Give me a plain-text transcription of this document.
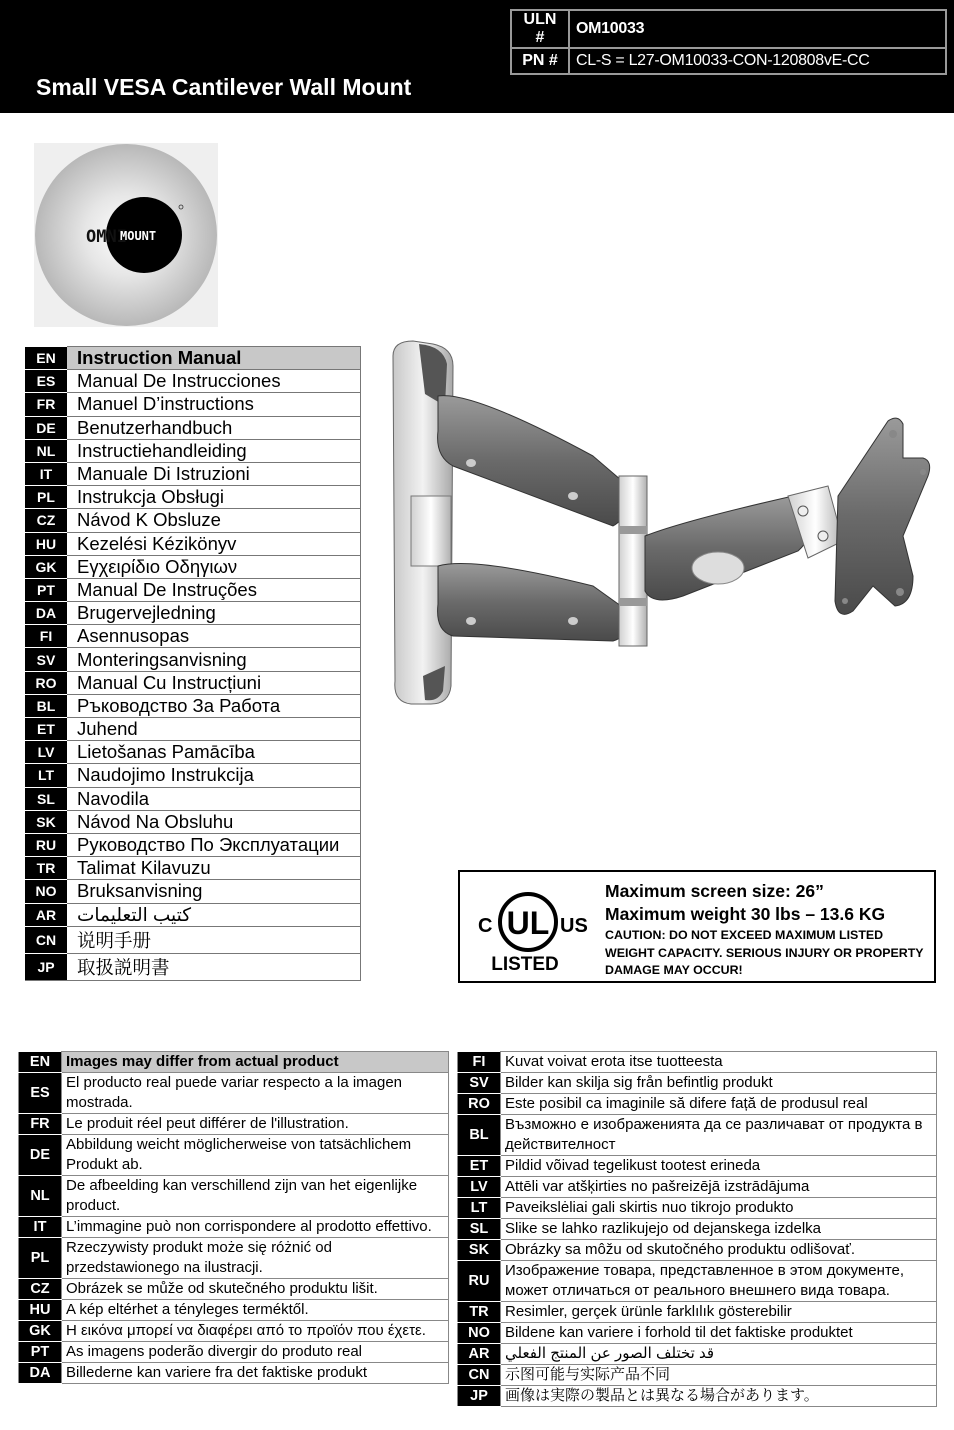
ULN #	OM10033
PN #	CL-S = L27-OM10033-CON-120808vE-CC
Small VESA Cantilever Wall Mount
OMNI
MOUNT
EN	Instruction Manual
ES	Manual De Instrucciones
FR	Manuel D’instructions
DE	Benutzerhandbuch
NL	Instructiehandleiding
IT	Manuale Di Istruzioni
PL	Instrukcja Obsługi
CZ	Návod K Obsluze
HU	Kezelési Kézikönyv
GK	Εγχειρίδιο Οδηγιων
PT	Manual De Instruções
DA	Brugervejledning
FI	Asennusopas
SV	Monteringsanvisning
RO	Manual Cu Instrucțiuni
BL	Ръководство За Работа
ET	Juhend
LV	Lietošanas Pamācība
LT	Naudojimo Instrukcija
SL	Navodila
SK	Návod Na Obsluhu
RU	Руководство По Эксплуатации
TR	Talimat Kilavuzu
NO	Bruksanvisning
AR	كتيب التعليمات
CN	说明手册
JP	取扱説明書
UL
C	US
LISTED
Maximum screen size: 26”
Maximum weight 30 lbs – 13.6 KG
CAUTION: DO NOT EXCEED MAXIMUM LISTED WEIGHT CAPACITY. SERIOUS INJURY OR PROPERTY DAMAGE MAY OCCUR!
EN	Images may differ from actual product
ES	El producto real puede variar respecto a la imagen mostrada.
FR	Le produit réel peut différer de l'illustration.
DE	Abbildung weicht möglicherweise von tatsächlichem Produkt ab.
NL	De afbeelding kan verschillend zijn van het eigenlijke product.
IT	L’immagine può non corrispondere al prodotto effettivo.
PL	Rzeczywisty produkt może się różnić od przedstawionego na ilustracji.
CZ	Obrázek se může od skutečného produktu lišit.
HU	A kép eltérhet a tényleges terméktől.
GK	Η εικόνα μπορεί να διαφέρει από το προϊόν που έχετε.
PT	As imagens poderão divergir do produto real
DA	Billederne kan variere fra det faktiske produkt
FI	Kuvat voivat erota itse tuotteesta
SV	Bilder kan skilja sig från befintlig produkt
RO	Este posibil ca imaginile să difere față de produsul real
BL	Възможно е изображенията да се различават от продукта в действителност
ET	Pildid võivad tegelikust tootest erineda
LV	Attēli var atšķirties no pašreizējā izstrādājuma
LT	Paveikslėliai gali skirtis nuo tikrojo produkto
SL	Slike se lahko razlikujejo od dejanskega izdelka
SK	Obrázky sa môžu od skutočného produktu odlišovať.
RU	Изображение товара, представленное в этом документе, может отличаться от реального внешнего вида товара.
TR	Resimler, gerçek ürünle farklılık gösterebilir
NO	Bildene kan variere i forhold til det faktiske produktet
AR	قد تختلف الصور عن المنتج الفعلي
CN	示图可能与实际产品不同
JP	画像は実際の製品とは異なる場合があります。
